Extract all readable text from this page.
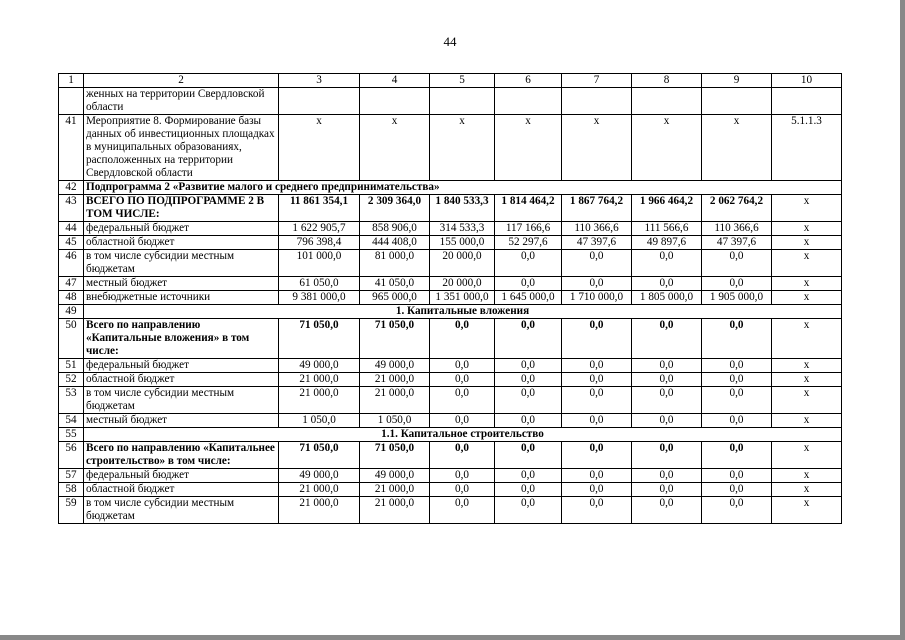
44
1	2	3	4	5	6	7	8	9	10
	женных на территории Свердловской области								
41	Мероприятие 8. Формирование базы данных об инвестиционных площадках в муниципальных образованиях, расположенных на территории Свердловской области	x	x	x	x	x	x	x	5.1.1.3
42	Подпрограмма 2 «Развитие малого и среднего предпринимательства»								
43	ВСЕГО ПО ПОДПРОГРАММЕ 2 В ТОМ ЧИСЛЕ:	11 861 354,1	2 309 364,0	1 840 533,3	1 814 464,2	1 867 764,2	1 966 464,2	2 062 764,2	x
44	федеральный бюджет	1 622 905,7	858 906,0	314 533,3	117 166,6	110 366,6	111 566,6	110 366,6	x
45	областной бюджет	796 398,4	444 408,0	155 000,0	52 297,6	47 397,6	49 897,6	47 397,6	x
46	в том числе субсидии местным бюджетам	101 000,0	81 000,0	20 000,0	0,0	0,0	0,0	0,0	x
47	местный бюджет	61 050,0	41 050,0	20 000,0	0,0	0,0	0,0	0,0	x
48	внебюджетные источники	9 381 000,0	965 000,0	1 351 000,0	1 645 000,0	1 710 000,0	1 805 000,0	1 905 000,0	x
49	1. Капитальные вложения								
50	Всего по направлению «Капитальные вложения» в том числе:	71 050,0	71 050,0	0,0	0,0	0,0	0,0	0,0	x
51	федеральный бюджет	49 000,0	49 000,0	0,0	0,0	0,0	0,0	0,0	x
52	областной бюджет	21 000,0	21 000,0	0,0	0,0	0,0	0,0	0,0	x
53	в том числе субсидии местным бюджетам	21 000,0	21 000,0	0,0	0,0	0,0	0,0	0,0	x
54	местный бюджет	1 050,0	1 050,0	0,0	0,0	0,0	0,0	0,0	x
55	1.1. Капитальное строительство								
56	Всего по направлению «Капитальнее строительство» в том числе:	71 050,0	71 050,0	0,0	0,0	0,0	0,0	0,0	x
57	федеральный бюджет	49 000,0	49 000,0	0,0	0,0	0,0	0,0	0,0	x
58	областной бюджет	21 000,0	21 000,0	0,0	0,0	0,0	0,0	0,0	x
59	в том числе субсидии местным бюджетам	21 000,0	21 000,0	0,0	0,0	0,0	0,0	0,0	x
